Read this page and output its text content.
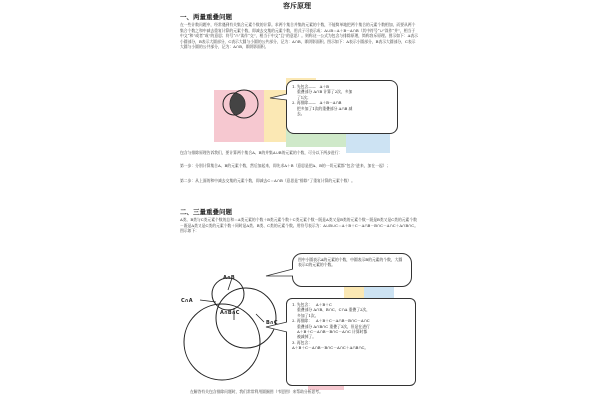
容斥原理
一、两量重叠问题
在一些计数问题中，经常遇到有关集合元素个数的计算。求两个集合并集的元素的个数，不能简单地把两个集合的元素个数相加，而要从两个集合个数之和中减去重复计算的元素个数，即减去交集的元素个数，用式子可表示成：A∪B＝A＋B－A∩B（其中符号“∪”读作“并”，相当于中文“和”或者“或”的意思；符号“∩”读作“交”，相当于中文“且”的意思）。则称这一公式为包含与排除原理，简称容斥原理。图示如下：A表示小圆部分，B表示大圆部分，C表示大圆与小圆的公共部分，记为：A∩B，即阴影面积。图示如下：A表示小圆部分，B表示大圆部分，C表示大圆与小圆的公共部分，记为：A∩B，即阴影面积。
1. 先包含——　A＋B
　 重叠部分 A∩B 计算了2次，多加
　 了1次；
2. 再排除——　A＋B－A∩B
　 把多加了1次的重叠部分 A∩B 减
　 去。
包含与排除原理告诉我们，要计算两个集合A、B的并集A∪B的元素的个数，可分以下两步进行：
第一步：分别计算集合A、B的元素个数，然后加起来，即先求A＋B（意思是把A、B的一切元素都“包含”进来，加在一起）；
第二步：从上面的和中减去交集的元素个数，即减去C＝A∩B（意思是“排除”了重复计算的元素个数）。
二、三量重叠问题
A类、B类与C类元素个数的总和＝A类元素的个数＋B类元素个数＋C类元素个数－既是A类又是B类的元素个数－既是B类又是C类的元素个数－既是A类又是C类的元素个数＋同时是A类、B类、C类的元素个数。用符号表示为：A∪B∪C＝A＋B＋C－A∩B－B∩C－A∩C＋A∩B∩C。图示如下：
A∩B
C∩A
B∩C
A∩B∩C
图中小圆表示A的元素的个数，中圆表示B的元素的个数，大圆表示C的元素的个数。
1. 先包含：　A＋B＋C
　 重叠部分 A∩B、B∩C、C∩A 重叠了2次，
　 多加了1次。
2. 再排除：　A＋B＋C－A∩B－B∩C－A∩C
　 重叠部分 A∩B∩C 重叠了3次，但是在进行
　 A＋B＋C－A∩B－B∩C－A∩C 计算时都
　 被减掉了。
3. 再包含：
A＋B＋C－A∩B－B∩C－A∩C＋A∩B∩C。
在解答有关包含排除问题时，我们常常利用圆圈图（韦恩图）来帮助分析思考。
